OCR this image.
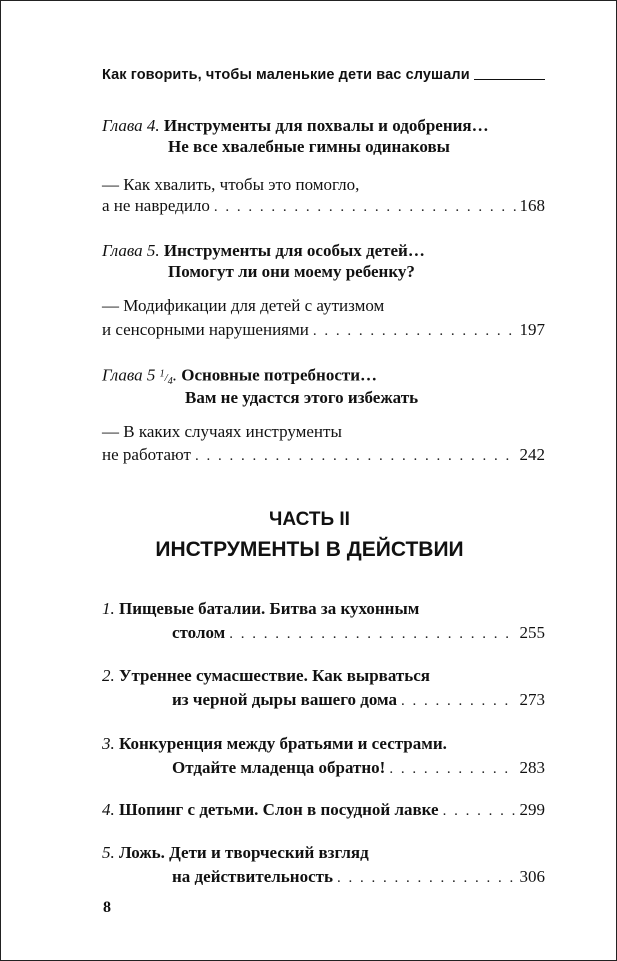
Как говорить, чтобы маленькие дети вас слушали
Глава 4. Инструменты для похвалы и одобрения…
Не все хвалебные гимны одинаковы
— Как хвалить, чтобы это помогло,
а не навредило . . .	168
Глава 5. Инструменты для особых детей…
Помогут ли они моему ребенку?
— Модификации для детей с аутизмом
и сенсорными нарушениями . . .	197
Глава 5 $^1/_4$. Основные потребности…
Вам не удастся этого избежать
— В каких случаях инструменты
не работают . . .	242
ЧАСТЬ II
ИНСТРУМЕНТЫ В ДЕЙСТВИИ
1. Пищевые баталии. Битва за кухонным
столом . . .	255
2. Утреннее сумасшествие. Как вырваться
из черной дыры вашего дома . . .	273
3. Конкуренция между братьями и сестрами.
Отдайте младенца обратно! . . .	283
4.
Шопинг с детьми. Слон в посудной лавке . . .	299
5. Ложь. Дети и творческий взгляд
на действительность . . .	306
8
